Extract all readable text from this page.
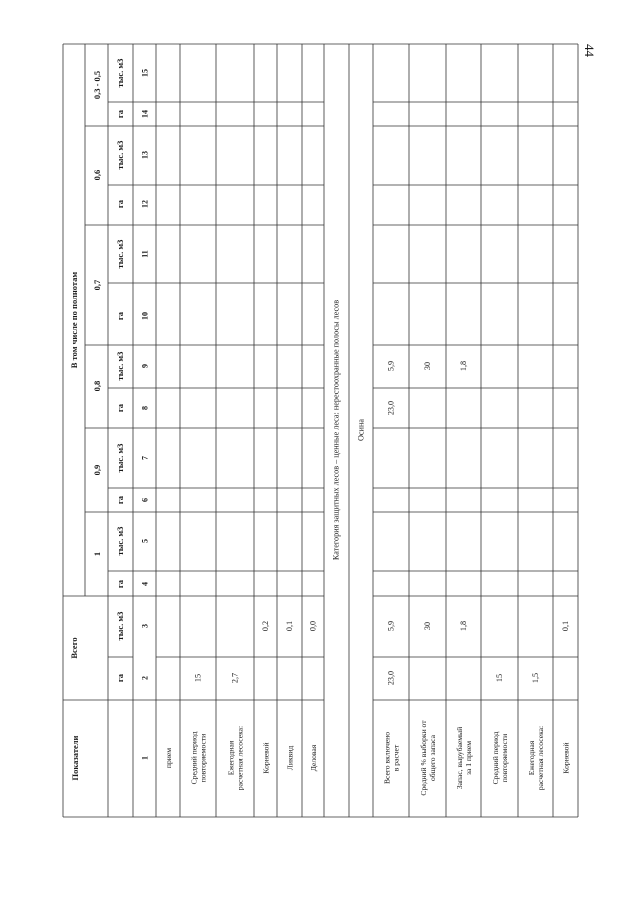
44
Показатели
Всего
В том числе по полнотам
1
0,9
0,8
0,7
0,6
0,3 - 0,5
га
тыс. м3
га
га
га
га
га
га
тыс. м3
тыс. м3
тыс. м3
тыс. м3
тыс. м3
тыс. м3
1
2
3
4
5
6
7
8
9
10
11
12
13
14
15
прием Средний периодповторяемости
15
Ежегоднаярасчетная лесосека:
2,7
Корневой
0,2
Ликвид
0,1
Деловая
0,0
Всего включенов расчет
23,0
5,9
23,0
5,9
Средний % выборки отобщего запаса
30
30
Запас, вырубаемыйза 1 прием
1,8
1,8
Средний периодповторяемости
15
Ежегоднаярасчетная лесосека:
1,5
Корневой
0,1
Категория защитных лесов – ценные леса: нерестоохранные полосы лесов Осина
